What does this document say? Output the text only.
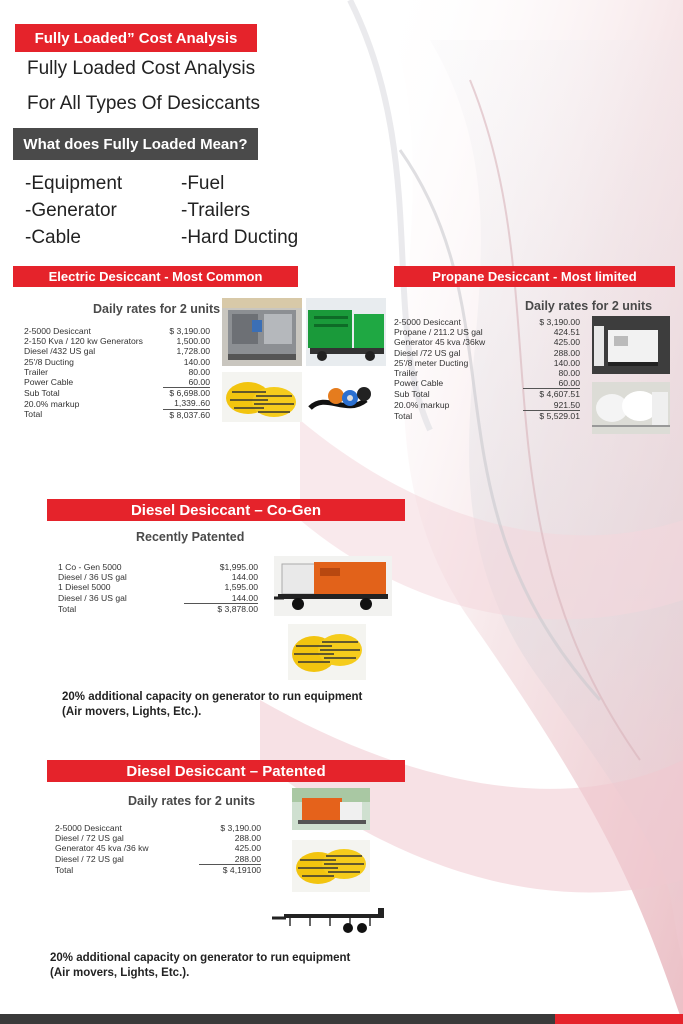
Fully Loaded” Cost Analysis
Fully Loaded Cost Analysis
For All Types Of Desiccants
What does Fully Loaded Mean?
-Equipment
-Generator
-Cable
-Fuel
-Trailers
-Hard Ducting
Electric Desiccant - Most Common
Daily rates for 2 units
2-5000 Desiccant	$ 3,190.00
2-150 Kva / 120 kw Generators	1,500.00
Diesel /432 US gal	1,728.00
25'/8 Ducting	140.00
Trailer	80.00
Power Cable	60.00
Sub Total	$ 6,698.00
20.0% markup	1,339..60
Total	$ 8,037.60
Propane Desiccant - Most limited
Daily rates for 2 units
2-5000 Desiccant	$ 3,190.00
Propane / 211.2 US gal	424.51
Generator 45 kva /36kw	425.00
Diesel /72 US gal	288.00
25'/8 meter Ducting	140.00
Trailer	80.00
Power Cable	60.00
Sub Total	$ 4,607.51
20.0% markup	921.50
Total	$ 5,529.01
Diesel Desiccant – Co-Gen
Recently Patented
1 Co - Gen 5000	$1,995.00
Diesel / 36 US gal	144.00
1 Diesel 5000	1,595.00
Diesel / 36 US gal	144.00
Total	$ 3,878.00
20% additional capacity on generator to run equipment
(Air movers, Lights, Etc.).
Diesel Desiccant – Patented
Daily rates for 2 units
2-5000 Desiccant	$ 3,190.00
Diesel / 72 US gal	288.00
Generator 45 kva /36 kw	425.00
Diesel / 72 US gal	288.00
Total	$ 4,19100
20% additional capacity on generator to run equipment
(Air movers, Lights, Etc.).
